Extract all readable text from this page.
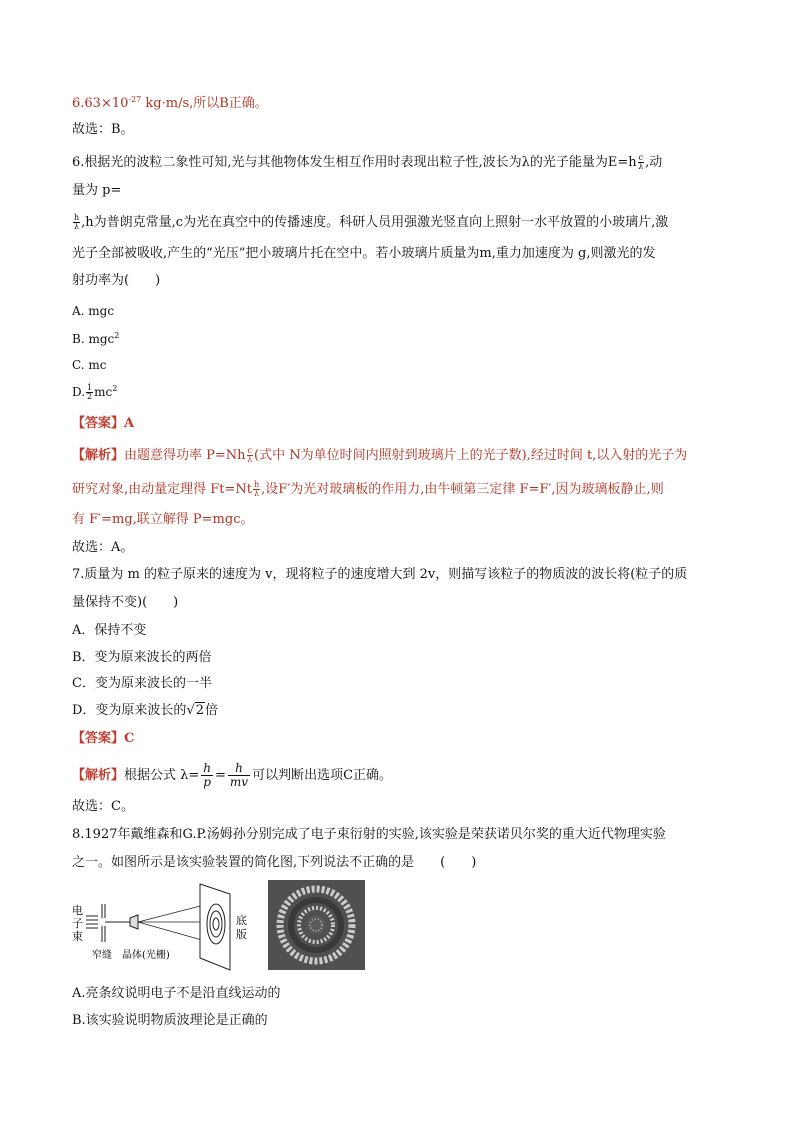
$6.63\times 10^{-27}$ kg·m/s,所以B正确。
故选：B。
6.根据光的波粒二象性可知,光与其他物体发生相互作用时表现出粒子性,波长为λ的光子能量为$E=h \frac{c}{\lambda}$ ,动
量为 p=
$\frac{h}{\lambda} ,h$为普朗克常量,c为光在真空中的传播速度。科研人员用强激光竖直向上照射一水平放置的小玻璃片,激
光子全部被吸收,产生的“光压”把小玻璃片托在空中。若小玻璃片质量为m,重力加速度为 g,则激光的发
射功率为(　　)
A. mgc
B. mgc$^2$
C. mc
D. $\frac{1}{2} mc^2$
【答案】A
【解析】由题意得功率 $P=Nh \frac{c}{\lambda}$ (式中 N为单位时间内照射到玻璃片上的光子数),经过时间 t,以入射的光子为
研究对象,由动量定理得 $Ft=Nt \frac{h}{\lambda}$ ,设F′为光对玻璃板的作用力,由牛顿第三定律 F=F′,因为玻璃板静止,则
有 F′=mg,联立解得 P=mgc。
故选：A。
7.质量为 m 的粒子原来的速度为 v，现将粒子的速度增大到 2v，则描写该粒子的物质波的波长将(粒子的质
量保持不变)(　　)
A．保持不变
B．变为原来波长的两倍
C．变为原来波长的一半
D．变为原来波长的√2倍
【答案】C
【解析】根据公式 $\lambda= \frac{h}{p} = \frac{h}{mv}$ 可以判断出选项C正确。
故选：C。
8.1927年戴维森和G.P.汤姆孙分别完成了电子束衍射的实验,该实验是荣获诺贝尔奖的重大近代物理实验
之一。如图所示是该实验装置的简化图,下列说法不正确的是　　(　　)
电
子
束
底
版
窄缝 晶体(光栅)
A.亮条纹说明电子不是沿直线运动的
B.该实验说明物质波理论是正确的
